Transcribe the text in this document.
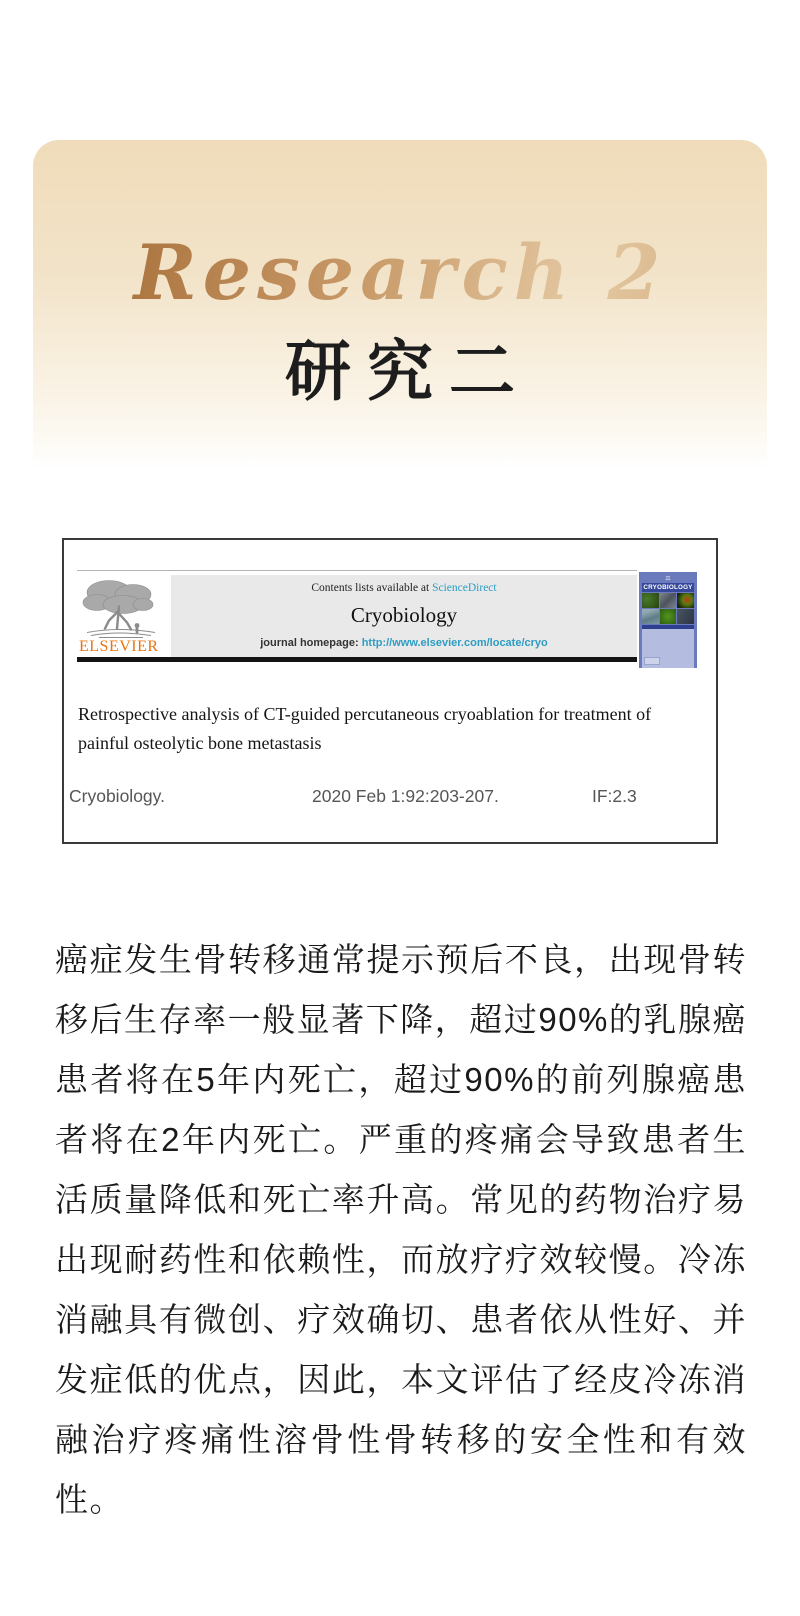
Research 2
研究二
ELSEVIER
Contents lists available at ScienceDirect
Cryobiology
journal homepage: http://www.elsevier.com/locate/cryo
⚖
CRYOBIOLOGY
Retrospective analysis of CT-guided percutaneous cryoablation for treatment of painful osteolytic bone metastasis
Cryobiology.	2020 Feb 1:92:203-207.	IF:2.3
癌症发生骨转移通常提示预后不良，出现骨转移后生存率一般显著下降，超过90%的乳腺癌患者将在5年内死亡，超过90%的前列腺癌患者将在2年内死亡。严重的疼痛会导致患者生活质量降低和死亡率升高。常见的药物治疗易出现耐药性和依赖性，而放疗疗效较慢。冷冻消融具有微创、疗效确切、患者依从性好、并发症低的优点，因此，本文评估了经皮冷冻消融治疗疼痛性溶骨性骨转移的安全性和有效性。
